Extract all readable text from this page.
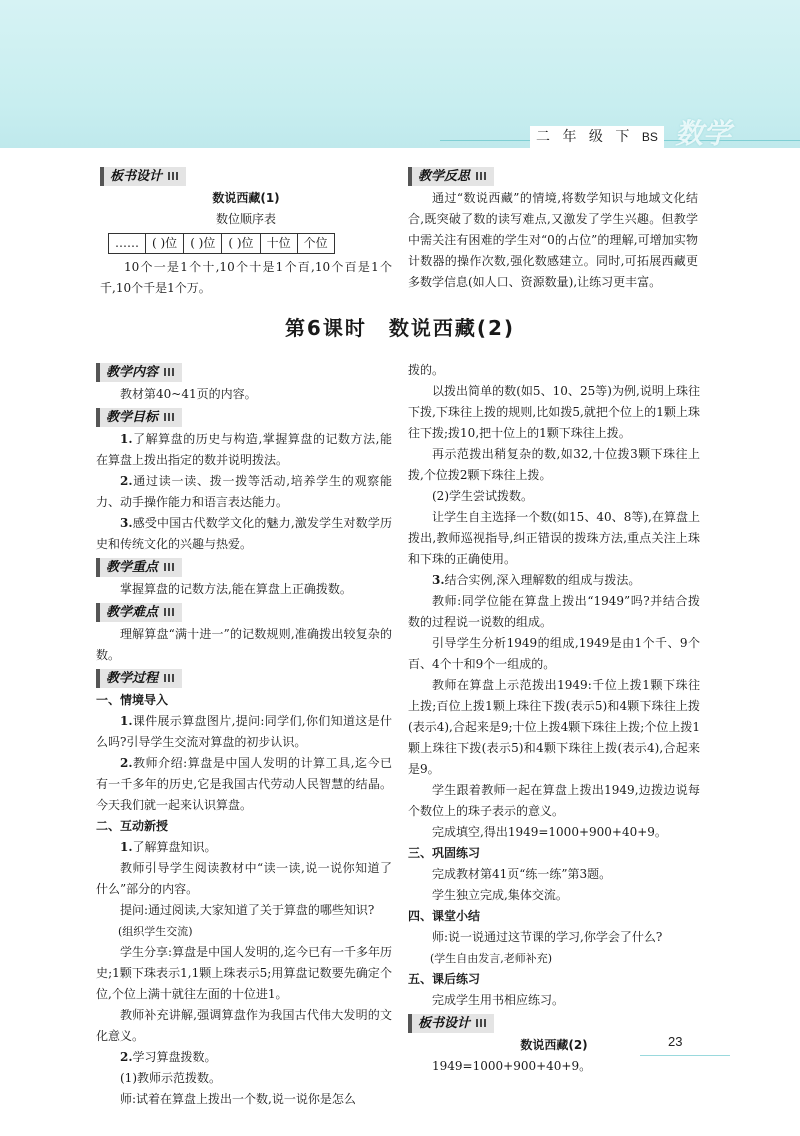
数学
二 年 级 下 BS
板书设计

数说西藏(1)

数位顺序表

……	( )位	( )位	( )位	十位	个位

10个一是1个十,10个十是1个百,10个百是1个千,10个千是1个万。

教学反思

通过“数说西藏”的情境,将数学知识与地域文化结合,既突破了数的读写难点,又激发了学生兴趣。但教学中需关注有困难的学生对“0的占位”的理解,可增加实物计数器的操作次数,强化数感建立。同时,可拓展西藏更多数学信息(如人口、资源数量),让练习更丰富。

第6课时　数说西藏(2)
教学内容

教材第40~41页的内容。

教学目标

1.了解算盘的历史与构造,掌握算盘的记数方法,能在算盘上拨出指定的数并说明拨法。

2.通过读一读、拨一拨等活动,培养学生的观察能力、动手操作能力和语言表达能力。

3.感受中国古代数学文化的魅力,激发学生对数学历史和传统文化的兴趣与热爱。

教学重点

掌握算盘的记数方法,能在算盘上正确拨数。

教学难点

理解算盘“满十进一”的记数规则,准确拨出较复杂的数。

教学过程

一、情境导入

1.课件展示算盘图片,提问:同学们,你们知道这是什么吗?引导学生交流对算盘的初步认识。

2.教师介绍:算盘是中国人发明的计算工具,迄今已有一千多年的历史,它是我国古代劳动人民智慧的结晶。今天我们就一起来认识算盘。

二、互动新授

1.了解算盘知识。

教师引导学生阅读教材中“读一读,说一说你知道了什么”部分的内容。

提问:通过阅读,大家知道了关于算盘的哪些知识?

(组织学生交流)

学生分享:算盘是中国人发明的,迄今已有一千多年历史;1颗下珠表示1,1颗上珠表示5;用算盘记数要先确定个位,个位上满十就往左面的十位进1。

教师补充讲解,强调算盘作为我国古代伟大发明的文化意义。

2.学习算盘拨数。

(1)教师示范拨数。

师:试着在算盘上拨出一个数,说一说你是怎么

拨的。

以拨出简单的数(如5、10、25等)为例,说明上珠往下拨,下珠往上拨的规则,比如拨5,就把个位上的1颗上珠往下拨;拨10,把十位上的1颗下珠往上拨。

再示范拨出稍复杂的数,如32,十位拨3颗下珠往上拨,个位拨2颗下珠往上拨。

(2)学生尝试拨数。

让学生自主选择一个数(如15、40、8等),在算盘上拨出,教师巡视指导,纠正错误的拨珠方法,重点关注上珠和下珠的正确使用。

3.结合实例,深入理解数的组成与拨法。

教师:同学位能在算盘上拨出“1949”吗?并结合拨数的过程说一说数的组成。

引导学生分析1949的组成,1949是由1个千、9个百、4个十和9个一组成的。

教师在算盘上示范拨出1949:千位上拨1颗下珠往上拨;百位上拨1颗上珠往下拨(表示5)和4颗下珠往上拨(表示4),合起来是9;十位上拨4颗下珠往上拨;个位上拨1颗上珠往下拨(表示5)和4颗下珠往上拨(表示4),合起来是9。

学生跟着教师一起在算盘上拨出1949,边拨边说每个数位上的珠子表示的意义。

完成填空,得出1949=1000+900+40+9。

三、巩固练习

完成教材第41页“练一练”第3题。

学生独立完成,集体交流。

四、课堂小结

师:说一说通过这节课的学习,你学会了什么?

(学生自由发言,老师补充)

五、课后练习

完成学生用书相应练习。

板书设计

数说西藏(2)

1949=1000+900+40+9。

23
